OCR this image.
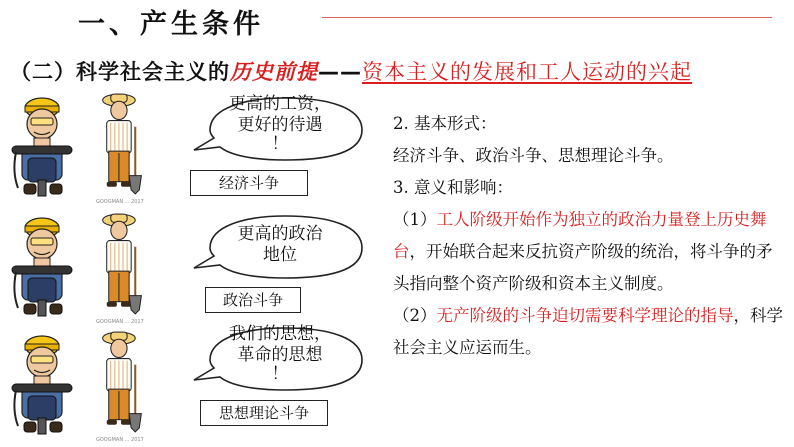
一、产生条件
（二）科学社会主义的历史前提——资本主义的发展和工人运动的兴起
GOOGMAN ... 2017
GOOGMAN ... 2017
GOOGMAN ... 2017
更高的工资，
更好的待遇
！
经济斗争
更高的政治
地位
政治斗争
我们的思想，
革命的思想
！
思想理论斗争

2. 基本形式：

经济斗争、政治斗争、思想理论斗争。

3. 意义和影响：

（1）工人阶级开始作为独立的政治力量登上历史舞台，开始联合起来反抗资产阶级的统治，将斗争的矛头指向整个资产阶级和资本主义制度。

（2）无产阶级的斗争迫切需要科学理论的指导，科学社会主义应运而生。
